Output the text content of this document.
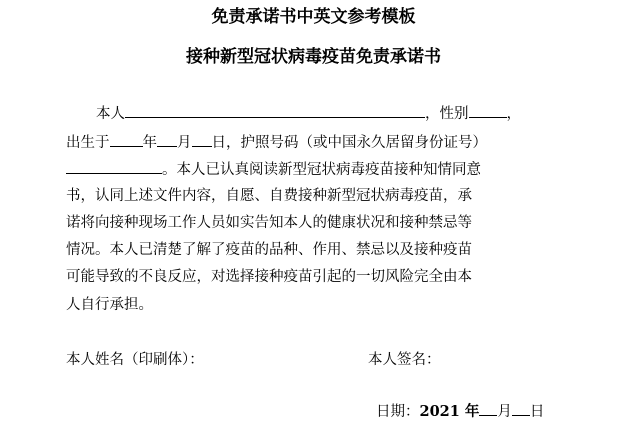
免责承诺书中英文参考模板
接种新型冠状病毒疫苗免责承诺书
本人	，性别	，
出生于 年 月 日，护照号码（或中国永久居留身份证号）
。本人已认真阅读新型冠状病毒疫苗接种知情同意
书，认同上述文件内容，自愿、自费接种新型冠状病毒疫苗，承
诺将向接种现场工作人员如实告知本人的健康状况和接种禁忌等
情况。本人已清楚了解了疫苗的品种、作用、禁忌以及接种疫苗
可能导致的不良反应，对选择接种疫苗引起的一切风险完全由本
人自行承担。
本人姓名（印刷体）：	本人签名：
日期：2021 年 月 日
